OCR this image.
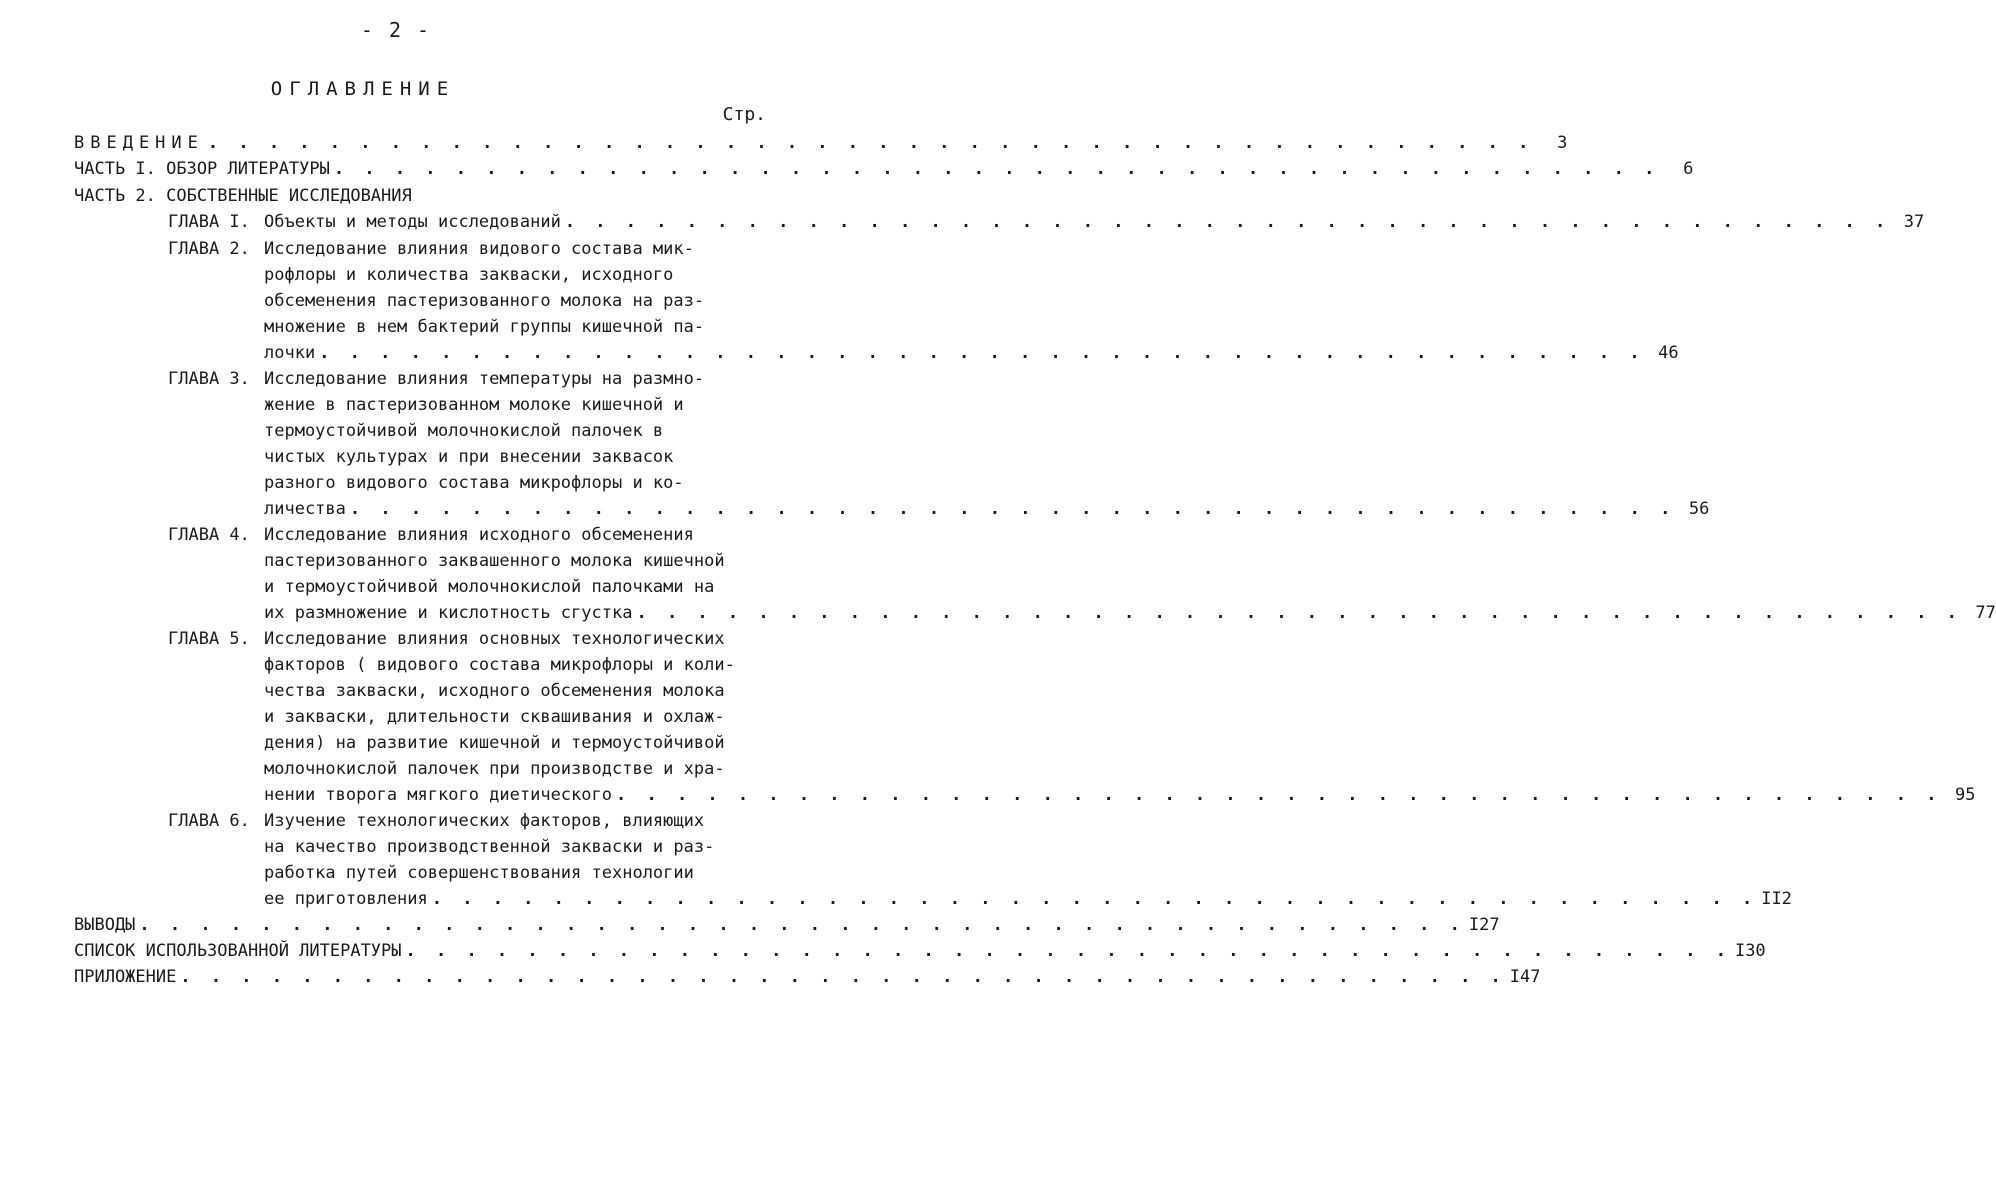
- 2 -
ОГЛАВЛЕНИЕ
Стр.
ВВЕДЕНИЕ . . . . . . . . . . . . . . . . . . . . . . . . . . . . . . . . . . . . . . . . . . . .	3
ЧАСТЬ I. ОБЗОР ЛИТЕРАТУРЫ . . . . . . . . . . . . . . . . . . . . . . . . . . . . . . . . . . . . . . . . . . . .	6
ЧАСТЬ 2. СОБСТВЕННЫЕ ИССЛЕДОВАНИЯ
ГЛАВА I. Объекты и методы исследований . . . . . . . . . . . . . . . . . . . . . . . . . . . . . . . . . . . . . . . . . . . . 37
ГЛАВА 2. Исследование влияния видового состава мик-
рофлоры и количества закваски, исходного
обсеменения пастеризованного молока на раз-
множение в нем бактерий группы кишечной па-
лочки . . . . . . . . . . . . . . . . . . . . . . . . . . . . . . . . . . . . . . . . . . . . 46
ГЛАВА 3. Исследование влияния температуры на размно-
жение в пастеризованном молоке кишечной и
термоустойчивой молочнокислой палочек в
чистых культурах и при внесении заквасок
разного видового состава микрофлоры и ко-
личества . . . . . . . . . . . . . . . . . . . . . . . . . . . . . . . . . . . . . . . . . . . . 56
ГЛАВА 4. Исследование влияния исходного обсеменения
пастеризованного заквашенного молока кишечной
и термоустойчивой молочнокислой палочками на
их размножение и кислотность сгустка . . . . . . . . . . . . . . . . . . . . . . . . . . . . . . . . . . . . . . . . . . . . 77
ГЛАВА 5. Исследование влияния основных технологических
факторов ( видового состава микрофлоры и коли-
чества закваски, исходного обсеменения молока
и закваски, длительности сквашивания и охлаж-
дения) на развитие кишечной и термоустойчивой
молочнокислой палочек при производстве и хра-
нении творога мягкого диетического . . . . . . . . . . . . . . . . . . . . . . . . . . . . . . . . . . . . . . . . . . . . 95
ГЛАВА 6. Изучение технологических факторов, влияющих
на качество производственной закваски и раз-
работка путей совершенствования технологии
ее приготовления . . . . . . . . . . . . . . . . . . . . . . . . . . . . . . . . . . . . . . . . . . . . II2
ВЫВОДЫ . . . . . . . . . . . . . . . . . . . . . . . . . . . . . . . . . . . . . . . . . . . . I27
СПИСОК ИСПОЛЬЗОВАННОЙ ЛИТЕРАТУРЫ . . . . . . . . . . . . . . . . . . . . . . . . . . . . . . . . . . . . . . . . . . . . I30
ПРИЛОЖЕНИЕ . . . . . . . . . . . . . . . . . . . . . . . . . . . . . . . . . . . . . . . . . . . . I47
